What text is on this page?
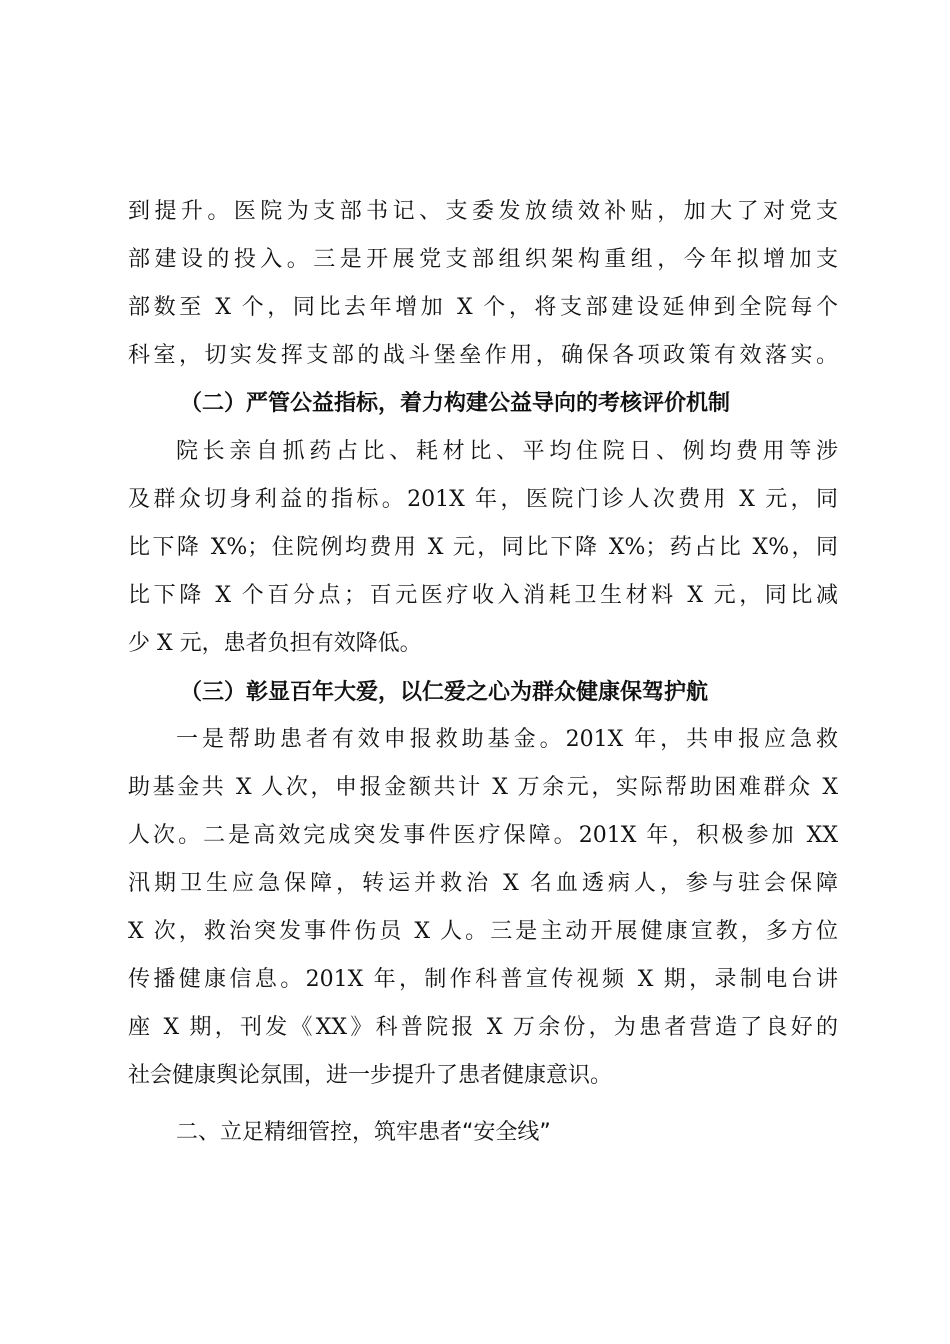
到提升。医院为支部书记、支委发放绩效补贴，加大了对党支

部建设的投入。三是开展党支部组织架构重组，今年拟增加支

部数至 X 个，同比去年增加 X 个，将支部建设延伸到全院每个

科室，切实发挥支部的战斗堡垒作用，确保各项政策有效落实。

（二）严管公益指标，着力构建公益导向的考核评价机制

院长亲自抓药占比、耗材比、平均住院日、例均费用等涉

及群众切身利益的指标。201X 年，医院门诊人次费用 X 元，同

比下降 X%；住院例均费用 X 元，同比下降 X%；药占比 X%，同

比下降 X 个百分点；百元医疗收入消耗卫生材料 X 元，同比减

少 X 元，患者负担有效降低。

（三）彰显百年大爱，以仁爱之心为群众健康保驾护航

一是帮助患者有效申报救助基金。201X 年，共申报应急救

助基金共 X 人次，申报金额共计 X 万余元，实际帮助困难群众 X

人次。二是高效完成突发事件医疗保障。201X 年，积极参加 XX

汛期卫生应急保障，转运并救治 X 名血透病人，参与驻会保障

X 次，救治突发事件伤员 X 人。三是主动开展健康宣教，多方位

传播健康信息。201X 年，制作科普宣传视频 X 期，录制电台讲

座 X 期，刊发《XX》科普院报 X 万余份，为患者营造了良好的

社会健康舆论氛围，进一步提升了患者健康意识。

二、立足精细管控，筑牢患者“安全线”
